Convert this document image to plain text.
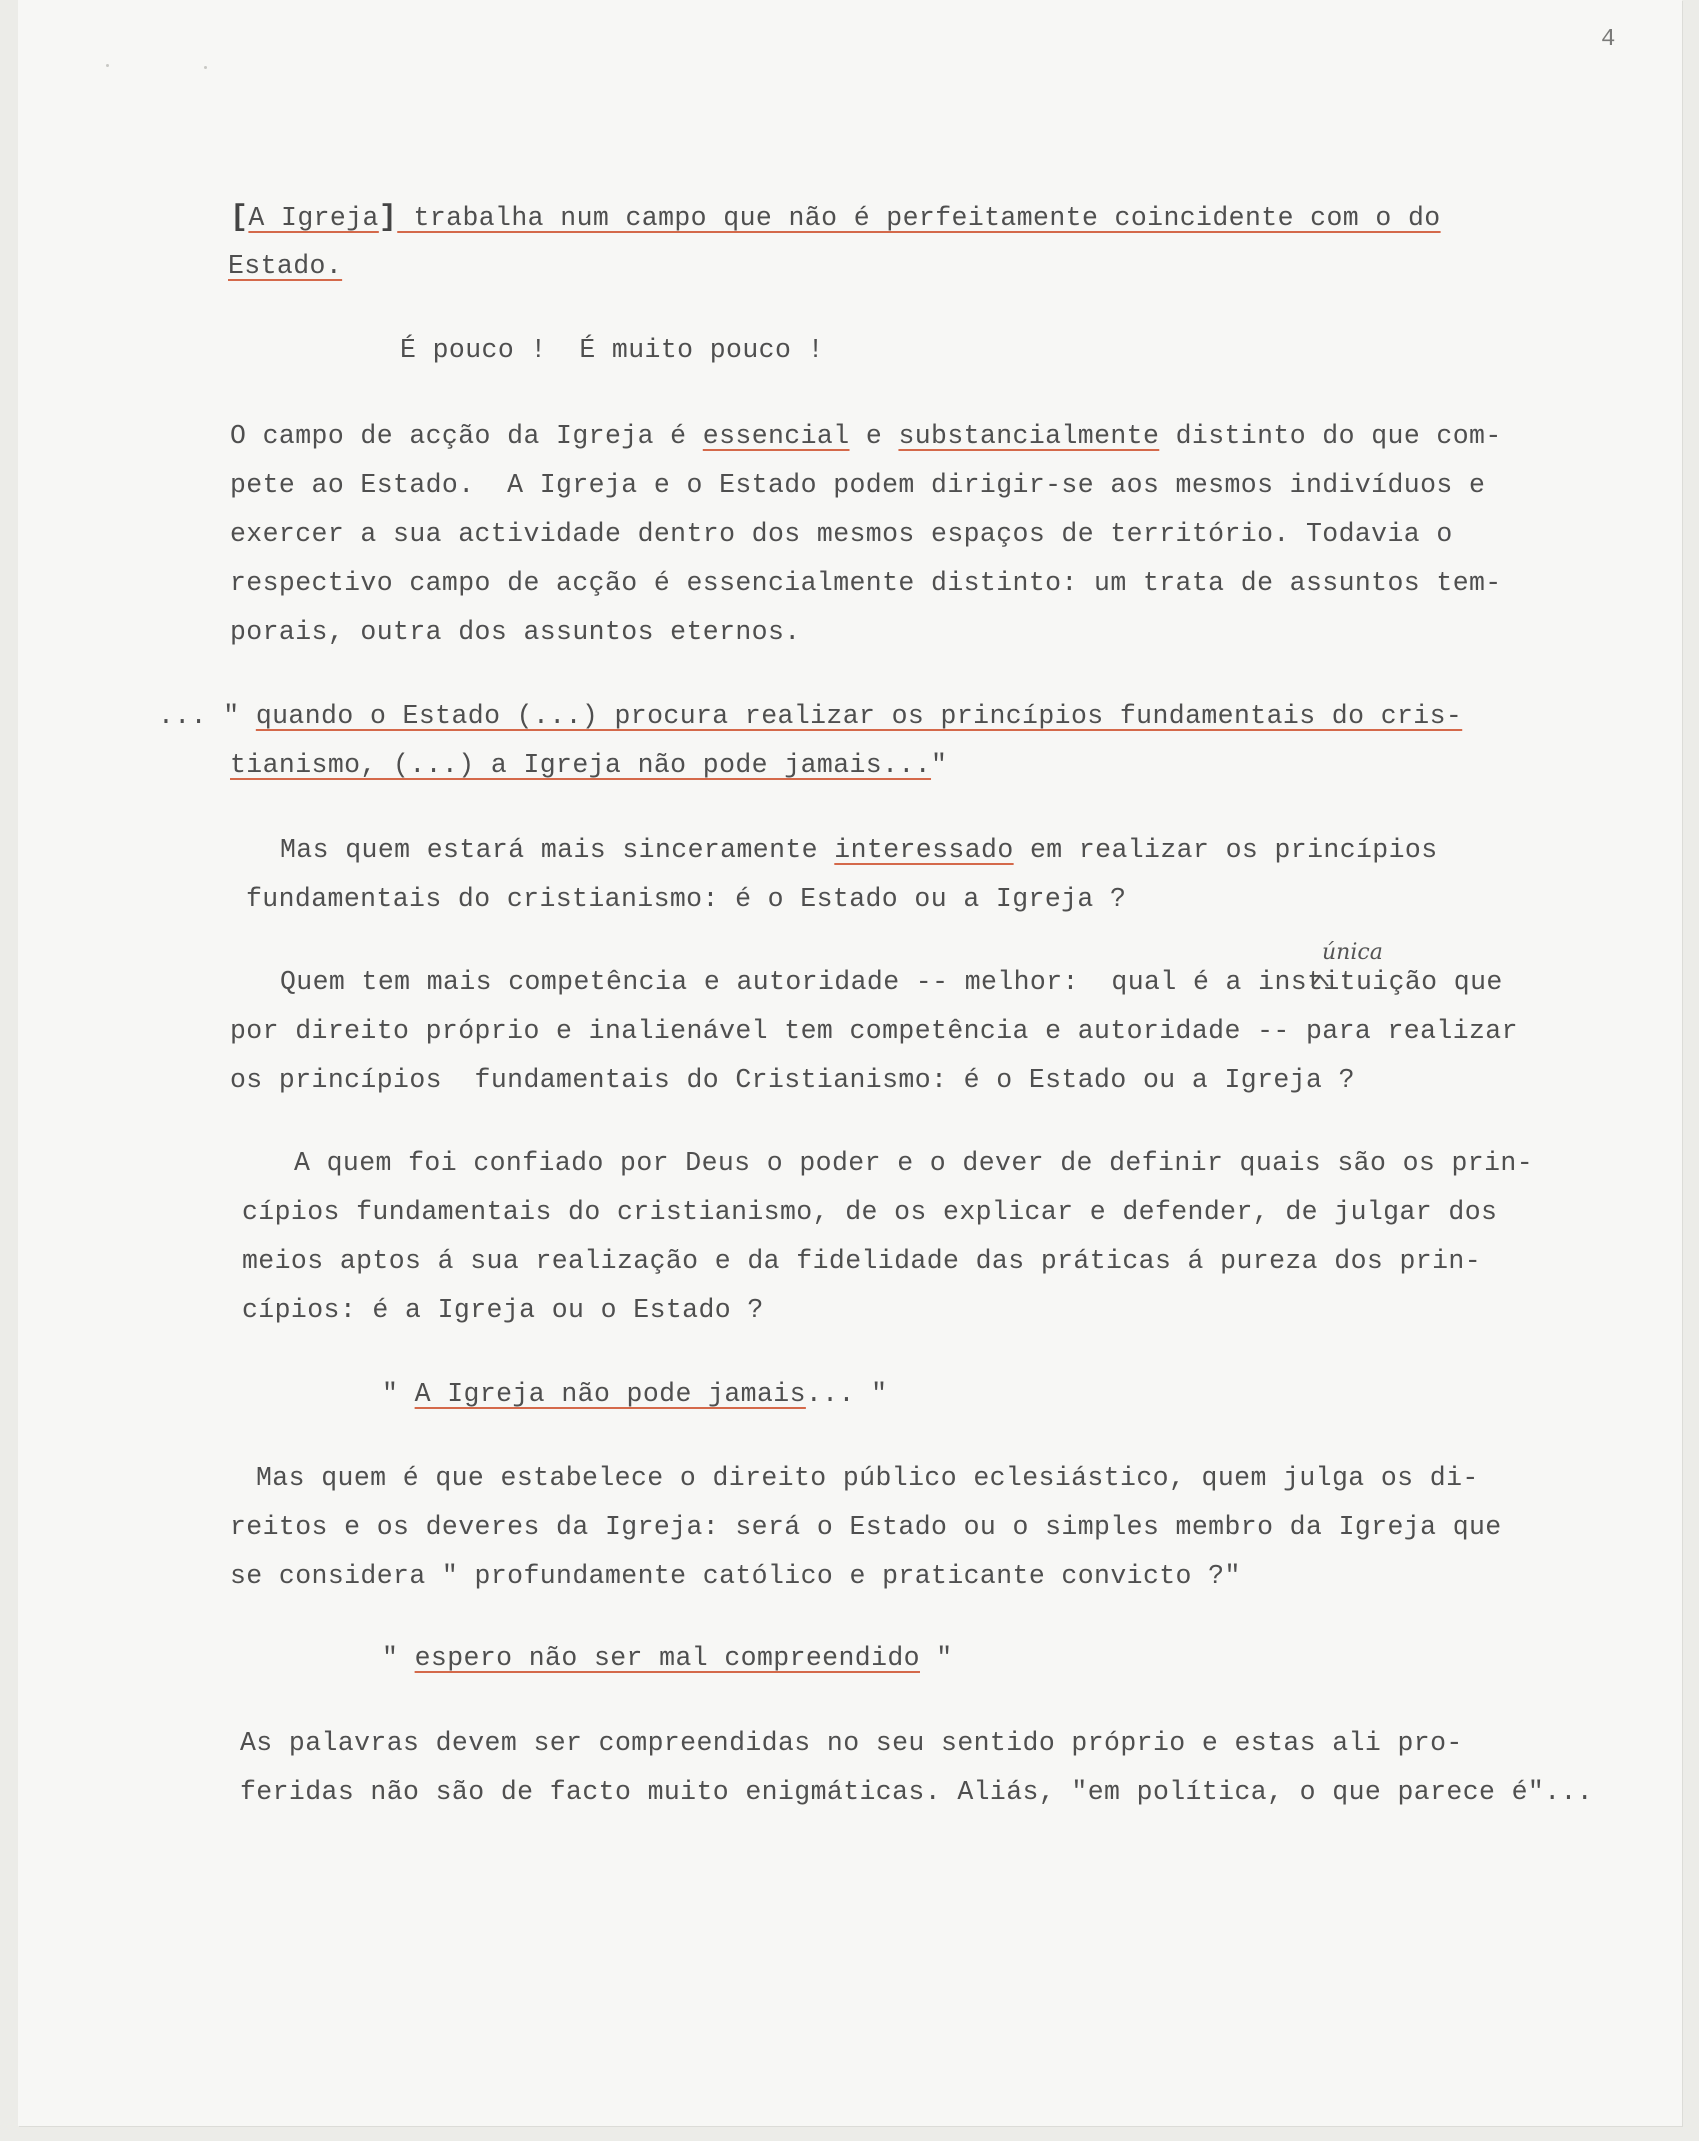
4
[A Igreja] trabalha num campo que não é perfeitamente coincidente com o do
Estado.
É pouco !  É muito pouco !
O campo de acção da Igreja é essencial e substancialmente distinto do que com-
pete ao Estado.  A Igreja e o Estado podem dirigir-se aos mesmos indivíduos e
exercer a sua actividade dentro dos mesmos espaços de território. Todavia o
respectivo campo de acção é essencialmente distinto: um trata de assuntos tem-
porais, outra dos assuntos eternos.
... " quando o Estado (...) procura realizar os princípios fundamentais do cris-
tianismo, (...) a Igreja não pode jamais..."
Mas quem estará mais sinceramente interessado em realizar os princípios
fundamentais do cristianismo: é o Estado ou a Igreja ?
única
Quem tem mais competência e autoridade -- melhor:  qual é a instituição que
por direito próprio e inalienável tem competência e autoridade -- para realizar
os princípios  fundamentais do Cristianismo: é o Estado ou a Igreja ?
A quem foi confiado por Deus o poder e o dever de definir quais são os prin-
cípios fundamentais do cristianismo, de os explicar e defender, de julgar dos
meios aptos á sua realização e da fidelidade das práticas á pureza dos prin-
cípios: é a Igreja ou o Estado ?
" A Igreja não pode jamais... "
Mas quem é que estabelece o direito público eclesiástico, quem julga os di-
reitos e os deveres da Igreja: será o Estado ou o simples membro da Igreja que
se considera " profundamente católico e praticante convicto ?"
" espero não ser mal compreendido "
As palavras devem ser compreendidas no seu sentido próprio e estas ali pro-
feridas não são de facto muito enigmáticas. Aliás, "em política, o que parece é"...
